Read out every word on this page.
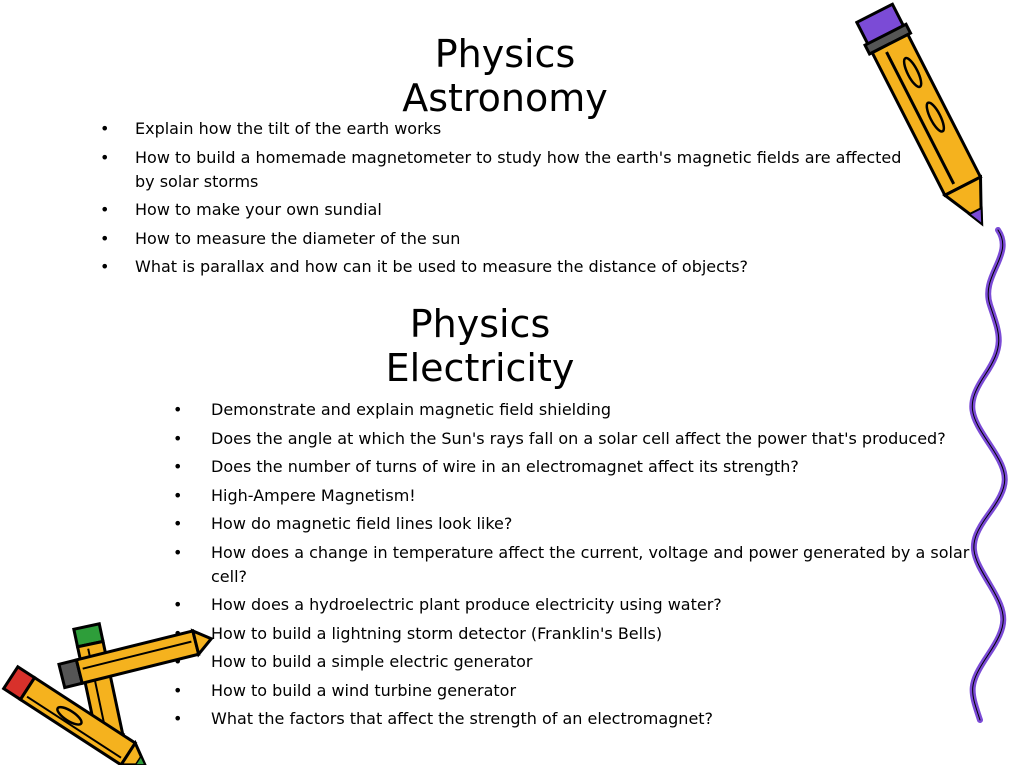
Physics
Astronomy
• Explain how the tilt of the earth works
• How to build a homemade magnetometer to study how the earth's magnetic fields are affected by solar storms
• How to make your own sundial
• How to measure the diameter of the sun
• What is parallax and how can it be used to measure the distance of objects?
Physics
Electricity
• Demonstrate and explain magnetic field shielding
• Does the angle at which the Sun's rays fall on a solar cell affect the power that's produced?
• Does the number of turns of wire in an electromagnet affect its strength?
• High-Ampere Magnetism!
• How do magnetic field lines look like?
• How does a change in temperature affect the current, voltage and power generated by a solar cell?
• How does a hydroelectric plant produce electricity using water?
• How to build a lightning storm detector (Franklin's Bells)
• How to build a simple electric generator
• How to build a wind turbine generator
• What the factors that affect the strength of an electromagnet?
